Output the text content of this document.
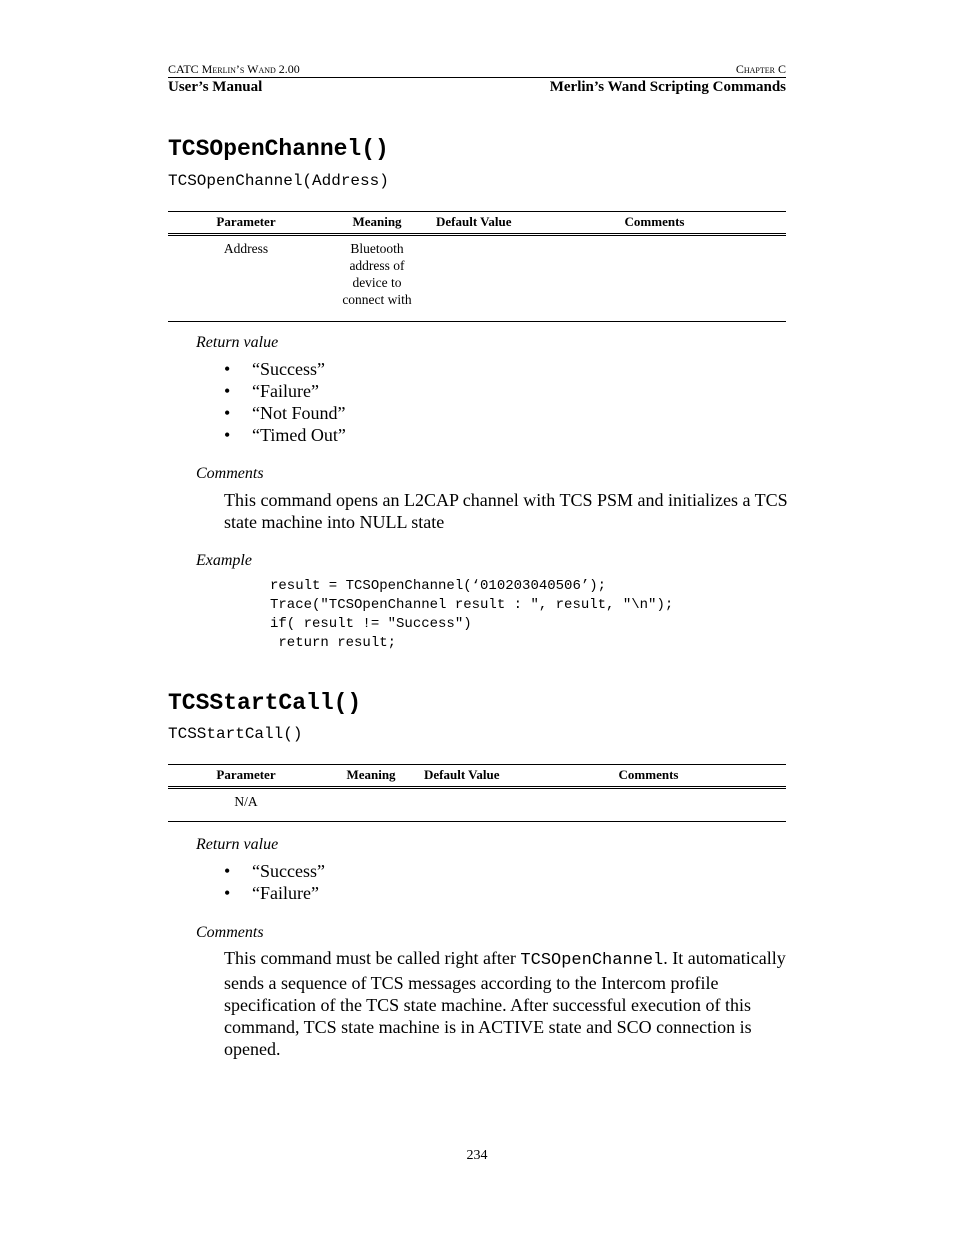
CATC Merlin’s Wand 2.00	Chapter C
User’s Manual	Merlin’s Wand Scripting Commands
TCSOpenChannel()
TCSOpenChannel(Address)
Parameter	Meaning	Default Value	Comments
Address	Bluetooth address of device to connect with		

Return value
• “Success”
• “Failure”
• “Not Found”
• “Timed Out”
Comments
This command opens an L2CAP channel with TCS PSM and initializes a TCS state machine into NULL state
Example
result = TCSOpenChannel(‘010203040506’);
Trace("TCSOpenChannel result : ", result, "\n");
if( result != "Success")
return result;
TCSStartCall()
TCSStartCall()
Parameter	Meaning	Default Value	Comments
N/A			
Return value
• “Success”
• “Failure”
Comments
This command must be called right after TCSOpenChannel. It automatically sends a sequence of TCS messages according to the Intercom profile specification of the TCS state machine. After successful execution of this command, TCS state machine is in ACTIVE state and SCO connection is opened.
234
